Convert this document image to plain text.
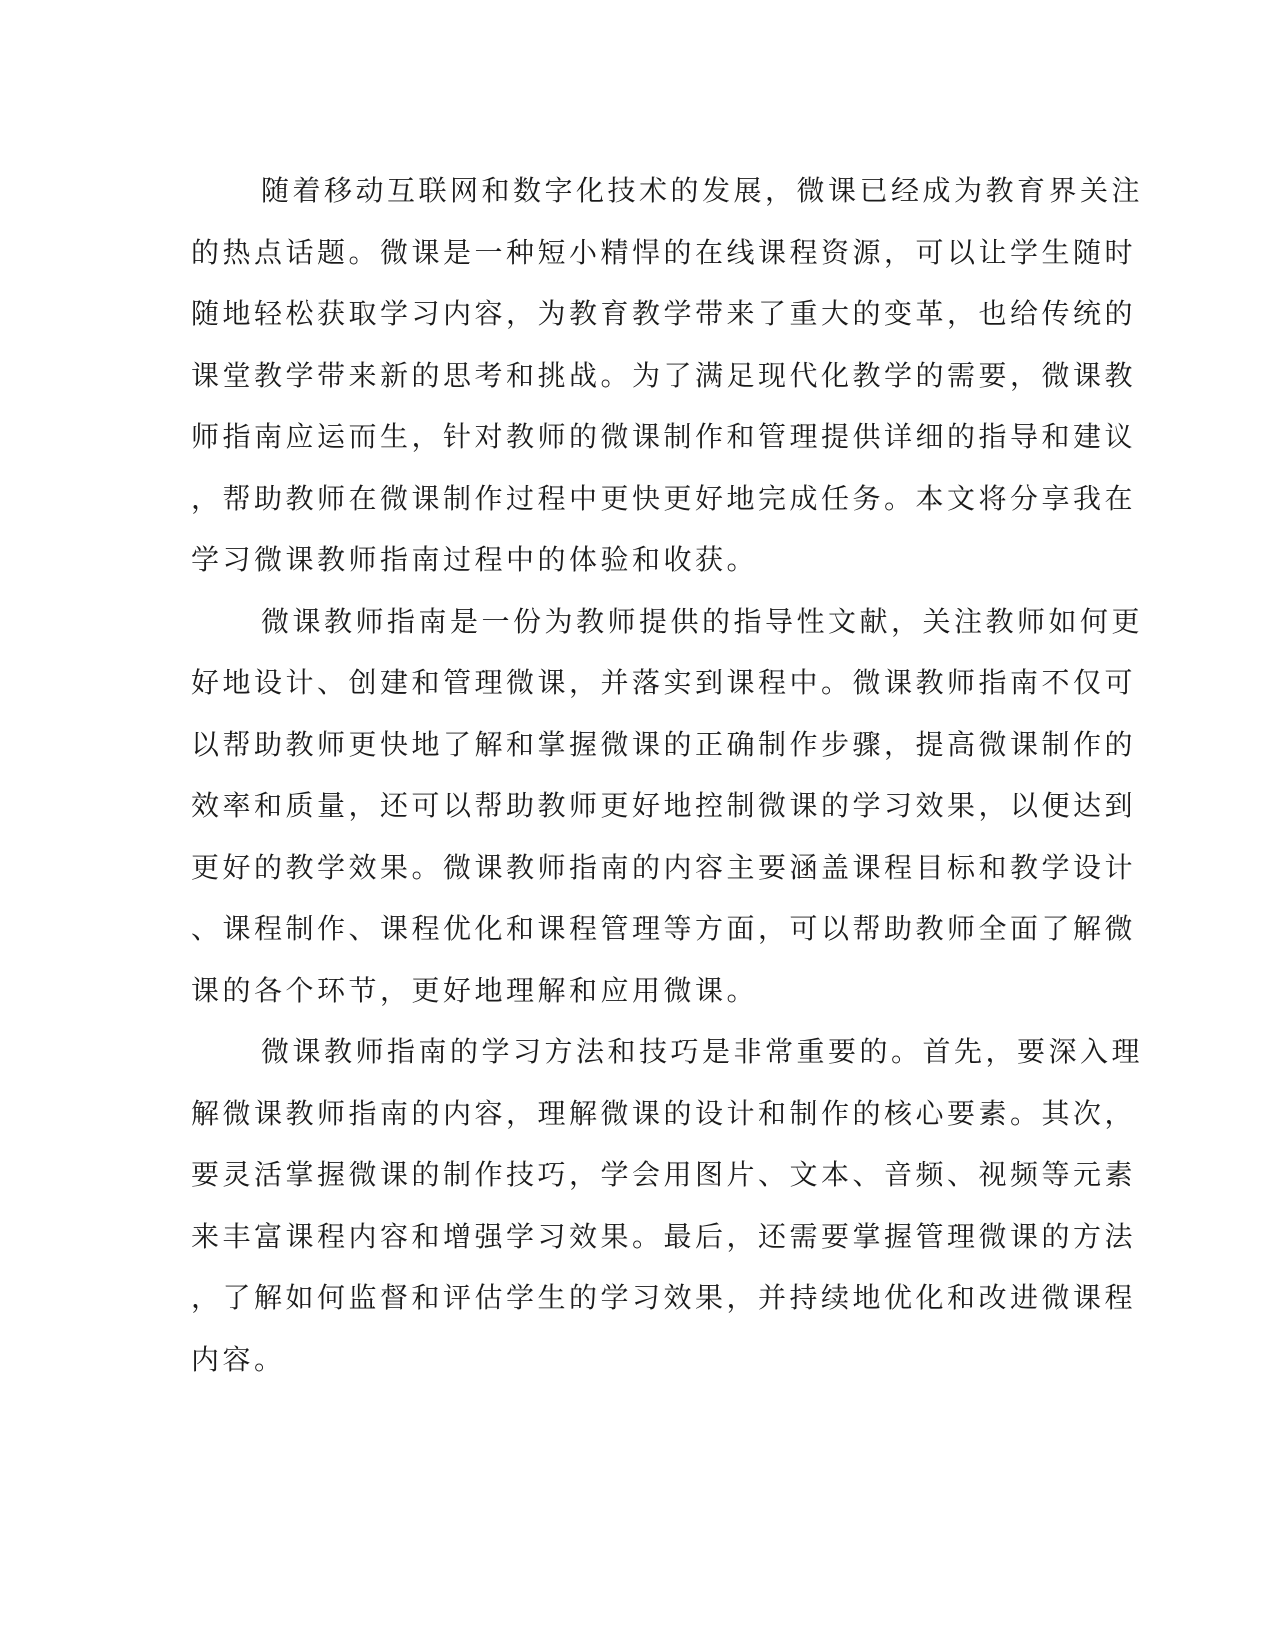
随着移动互联网和数字化技术的发展，微课已经成为教育界关注
的热点话题。微课是一种短小精悍的在线课程资源，可以让学生随时
随地轻松获取学习内容，为教育教学带来了重大的变革，也给传统的
课堂教学带来新的思考和挑战。为了满足现代化教学的需要，微课教
师指南应运而生，针对教师的微课制作和管理提供详细的指导和建议
，帮助教师在微课制作过程中更快更好地完成任务。本文将分享我在
学习微课教师指南过程中的体验和收获。
微课教师指南是一份为教师提供的指导性文献，关注教师如何更
好地设计、创建和管理微课，并落实到课程中。微课教师指南不仅可
以帮助教师更快地了解和掌握微课的正确制作步骤，提高微课制作的
效率和质量，还可以帮助教师更好地控制微课的学习效果，以便达到
更好的教学效果。微课教师指南的内容主要涵盖课程目标和教学设计
、课程制作、课程优化和课程管理等方面，可以帮助教师全面了解微
课的各个环节，更好地理解和应用微课。
微课教师指南的学习方法和技巧是非常重要的。首先，要深入理
解微课教师指南的内容，理解微课的设计和制作的核心要素。其次，
要灵活掌握微课的制作技巧，学会用图片、文本、音频、视频等元素
来丰富课程内容和增强学习效果。最后，还需要掌握管理微课的方法
，了解如何监督和评估学生的学习效果，并持续地优化和改进微课程
内容。
